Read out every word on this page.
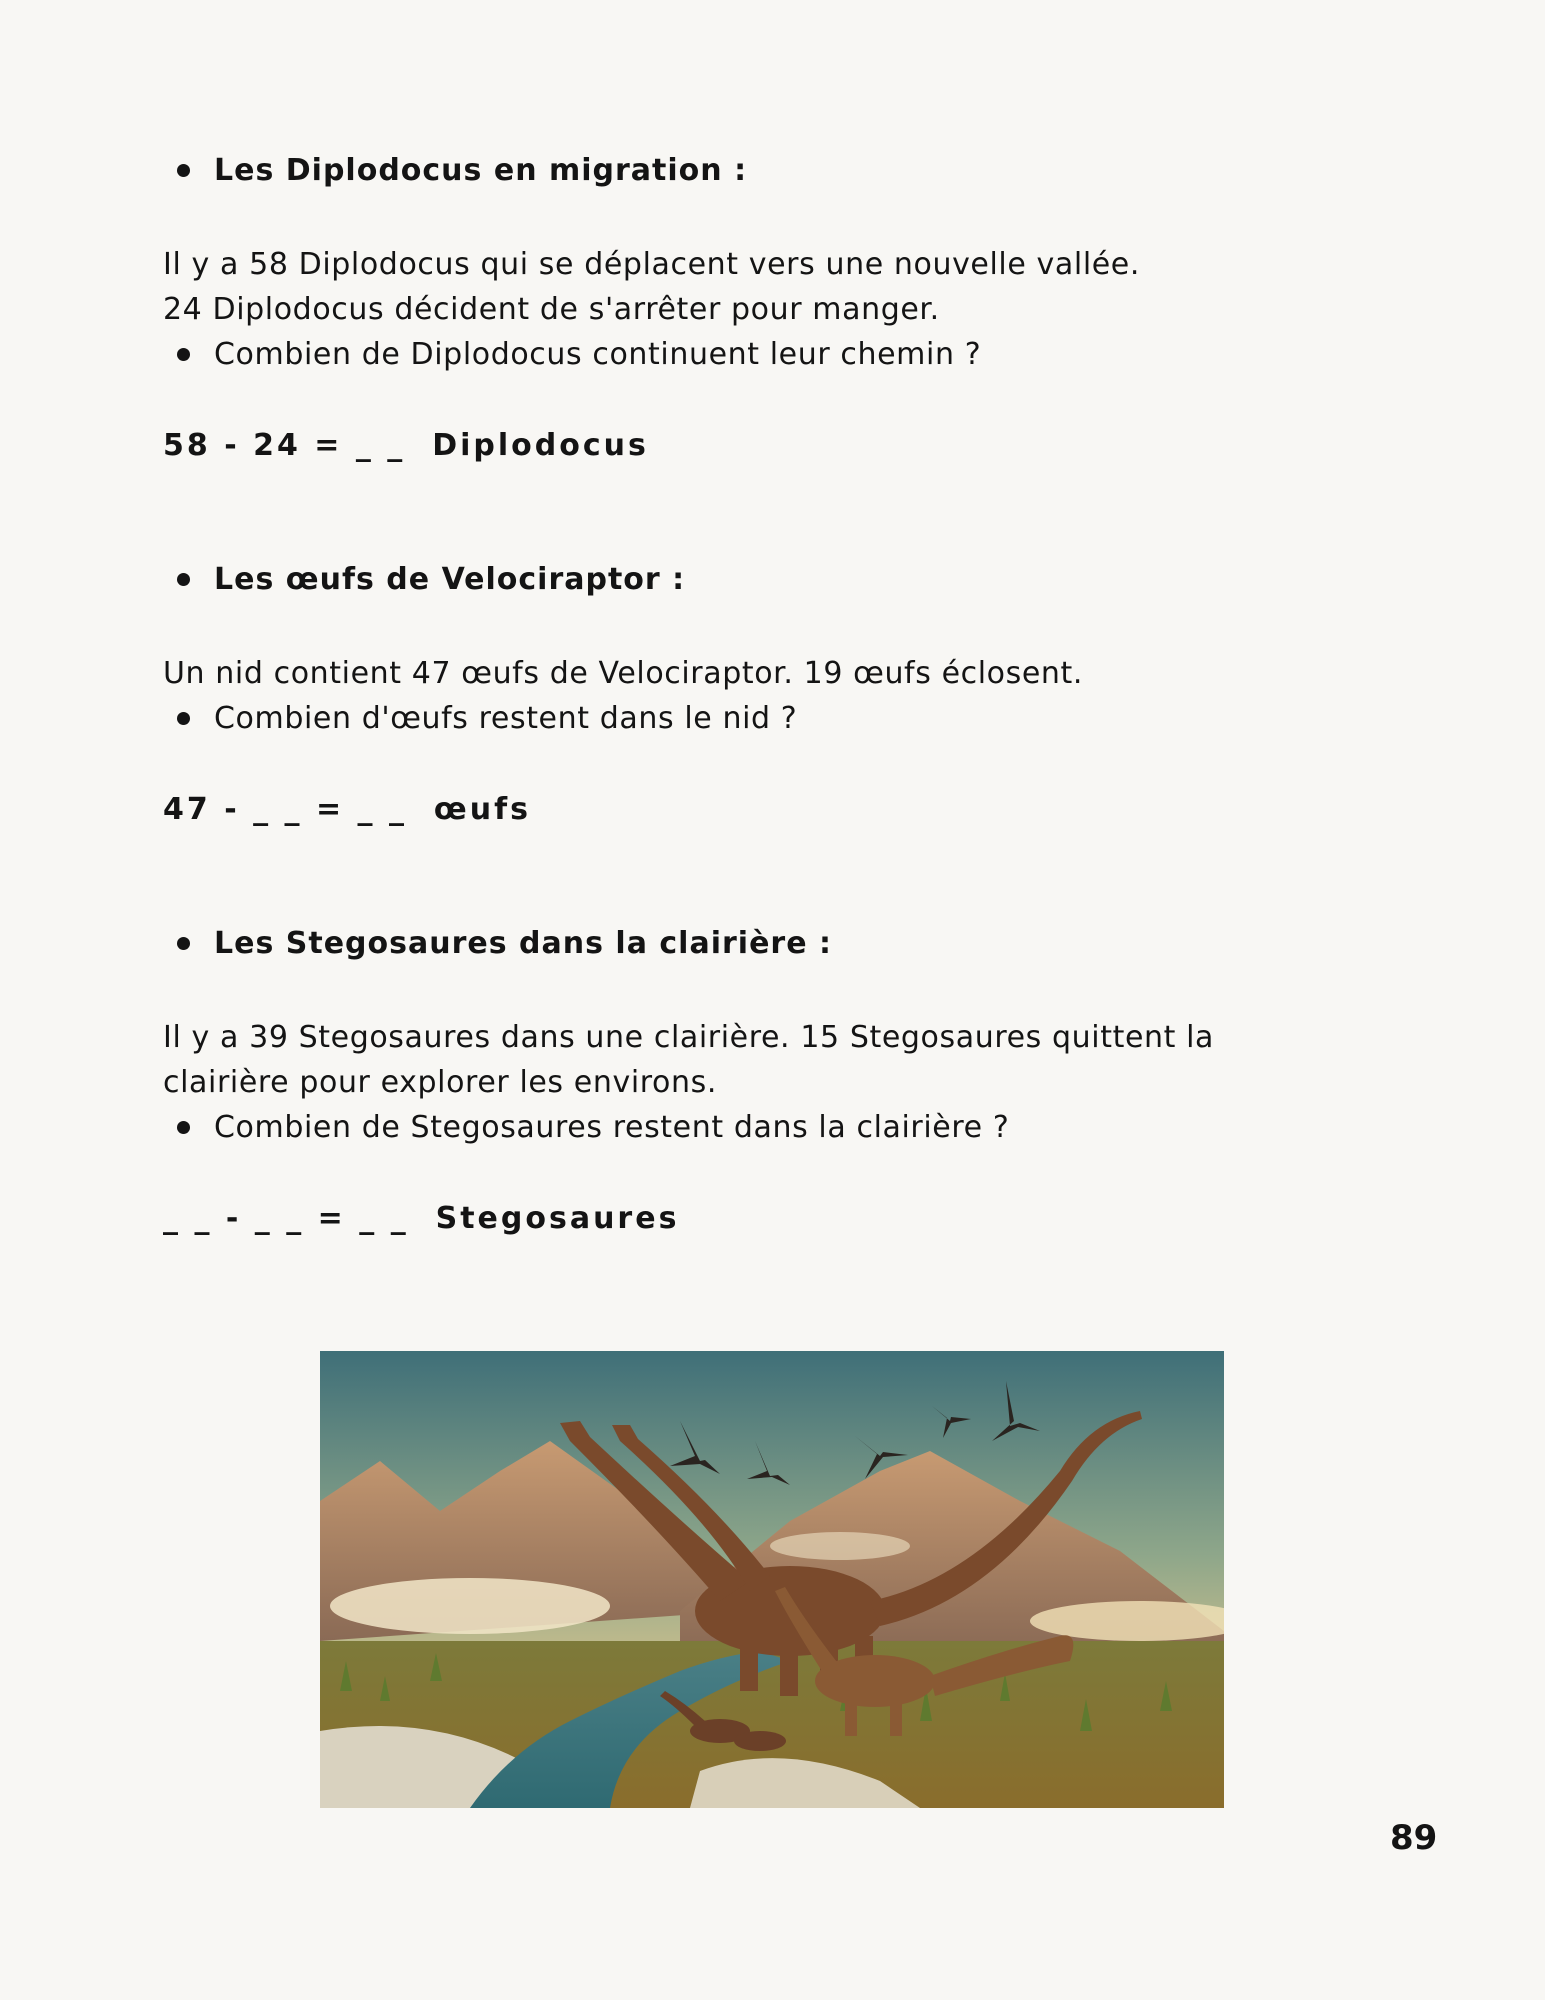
Les Diplodocus en migration :
Il y a 58 Diplodocus qui se déplacent vers une nouvelle vallée.
24 Diplodocus décident de s'arrêter pour manger.
Combien de Diplodocus continuent leur chemin ?
58 - 24 = _ _  Diplodocus
Les œufs de Velociraptor :
Un nid contient 47 œufs de Velociraptor. 19 œufs éclosent.
Combien d'œufs restent dans le nid ?
47 - _ _ = _ _  œufs
Les Stegosaures dans la clairière :
Il y a 39 Stegosaures dans une clairière. 15 Stegosaures quittent la
clairière pour explorer les environs.
Combien de Stegosaures restent dans la clairière ?
_ _ - _ _ = _ _  Stegosaures
89
